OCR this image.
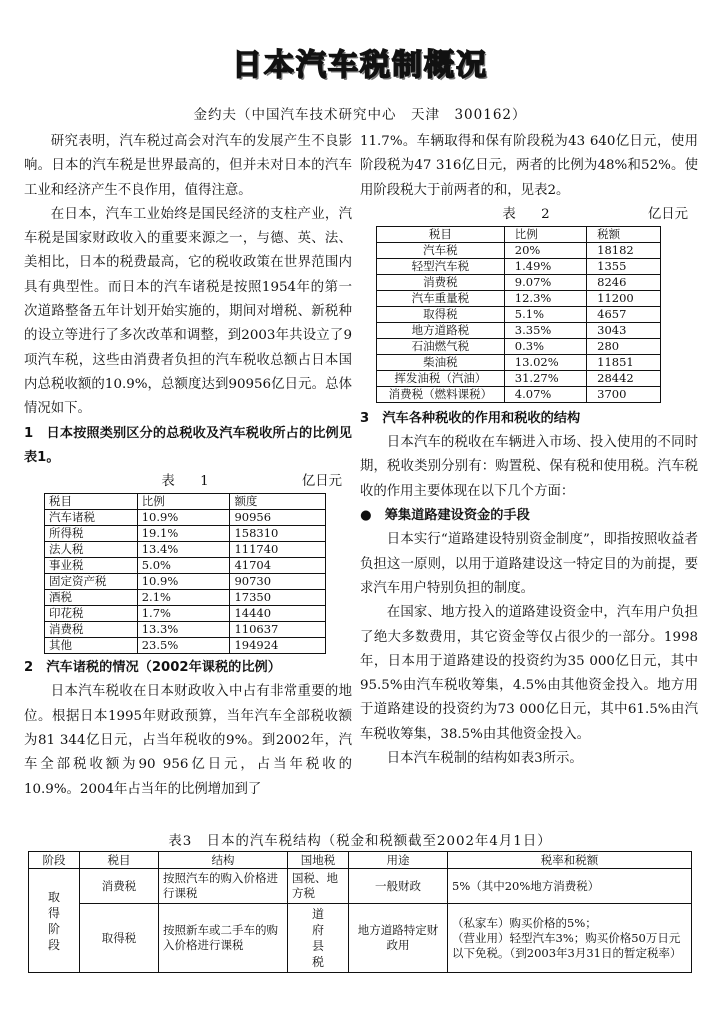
日本汽车税制概况
金约夫（中国汽车技术研究中心　天津　300162）

研究表明，汽车税过高会对汽车的发展产生不良影响。日本的汽车税是世界最高的，但并未对日本的汽车工业和经济产生不良作用，值得注意。

在日本，汽车工业始终是国民经济的支柱产业，汽车税是国家财政收入的重要来源之一，与德、英、法、美相比，日本的税费最高，它的税收政策在世界范围内具有典型性。而日本的汽车诸税是按照1954年的第一次道路整备五年计划开始实施的，期间对增税、新税种的设立等进行了多次改革和调整，到2003年共设立了9项汽车税，这些由消费者负担的汽车税收总额占日本国内总税收额的10.9%，总额度达到90956亿日元。总体情况如下。

1　日本按照类别区分的总税收及汽车税收所占的比例见表1。

表　1	亿日元
税目	比例	额度
汽车诸税	10.9%	90956
所得税	19.1%	158310
法人税	13.4%	111740
事业税	5.0%	41704
固定资产税	10.9%	90730
酒税	2.1%	17350
印花税	1.7%	14440
消费税	13.3%	110637
其他	23.5%	194924

2　汽车诸税的情况（2002年课税的比例）

日本汽车税收在日本财政收入中占有非常重要的地位。根据日本1995年财政预算，当年汽车全部税收额为81 344亿日元，占当年税收的9%。到2002年，汽车全部税收额为90 956亿日元，占当年税收的10.9%。2004年占当年的比例增加到了

11.7%。车辆取得和保有阶段税为43 640亿日元，使用阶段税为47 316亿日元，两者的比例为48%和52%。使用阶段税大于前两者的和，见表2。

表　2	亿日元
税目	比例	税额
汽车税	20%	18182
轻型汽车税	1.49%	1355
消费税	9.07%	8246
汽车重量税	12.3%	11200
取得税	5.1%	4657
地方道路税	3.35%	3043
石油燃气税	0.3%	280
柴油税	13.02%	11851
挥发油税（汽油）	31.27%	28442
消费税（燃料课税）	4.07%	3700

3　汽车各种税收的作用和税收的结构

日本汽车的税收在车辆进入市场、投入使用的不同时期，税收类别分别有：购置税、保有税和使用税。汽车税收的作用主要体现在以下几个方面：

●　筹集道路建设资金的手段

日本实行“道路建设特别资金制度”，即指按照收益者负担这一原则，以用于道路建设这一特定目的为前提，要求汽车用户特别负担的制度。

在国家、地方投入的道路建设资金中，汽车用户负担了绝大多数费用，其它资金等仅占很少的一部分。1998年，日本用于道路建设的投资约为35 000亿日元，其中95.5%由汽车税收筹集，4.5%由其他资金投入。地方用于道路建设的投资约为73 000亿日元，其中61.5%由汽车税收筹集，38.5%由其他资金投入。

日本汽车税制的结构如表3所示。

表3　日本的汽车税结构（税金和税额截至2002年4月1日）
阶段	税目	结构	国地税	用途	税率和税额

取得阶段	消费税	按照汽车的购入价格进行课税	国税、地方税	一般财政	5%（其中20%地方消费税）
	取得税	按照新车或二手车的购入价格进行课税	道府县税	地方道路特定财政用	（私家车）购买价格的5%；
（营业用）轻型汽车3%；购买价格50万日元以下免税。（到2003年3月31日的暂定税率）
